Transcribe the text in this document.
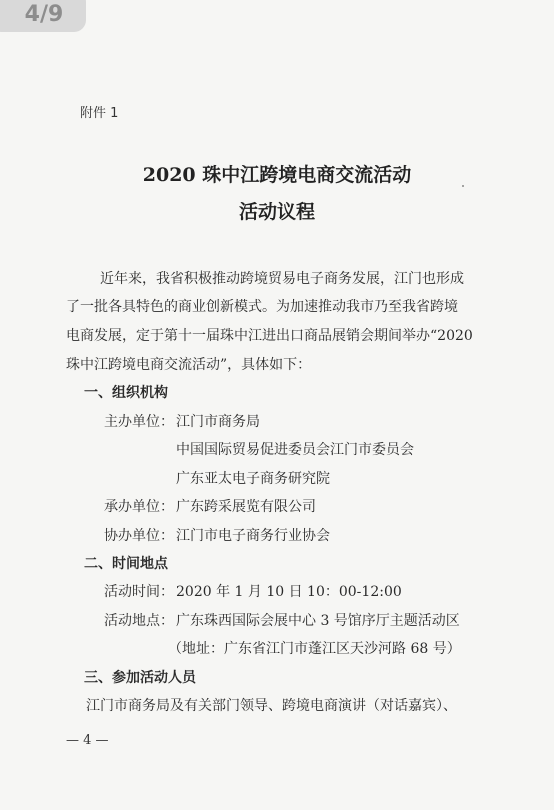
4/9
附件 1
2020 珠中江跨境电商交流活动
活动议程
近年来，我省积极推动跨境贸易电子商务发展，江门也形成
了一批各具特色的商业创新模式。为加速推动我市乃至我省跨境
电商发展，定于第十一届珠中江进出口商品展销会期间举办“2020
珠中江跨境电商交流活动”，具体如下：
一、组织机构
主办单位： 江门市商务局
中国国际贸易促进委员会江门市委员会
广东亚太电子商务研究院
承办单位： 广东跨采展览有限公司
协办单位： 江门市电子商务行业协会
二、时间地点
活动时间： 2020 年 1 月 10 日 10：00-12:00
活动地点： 广东珠西国际会展中心 3 号馆序厅主题活动区
（地址：广东省江门市蓬江区天沙河路 68 号）
三、参加活动人员
江门市商务局及有关部门领导、跨境电商演讲（对话嘉宾）、
— 4 —
